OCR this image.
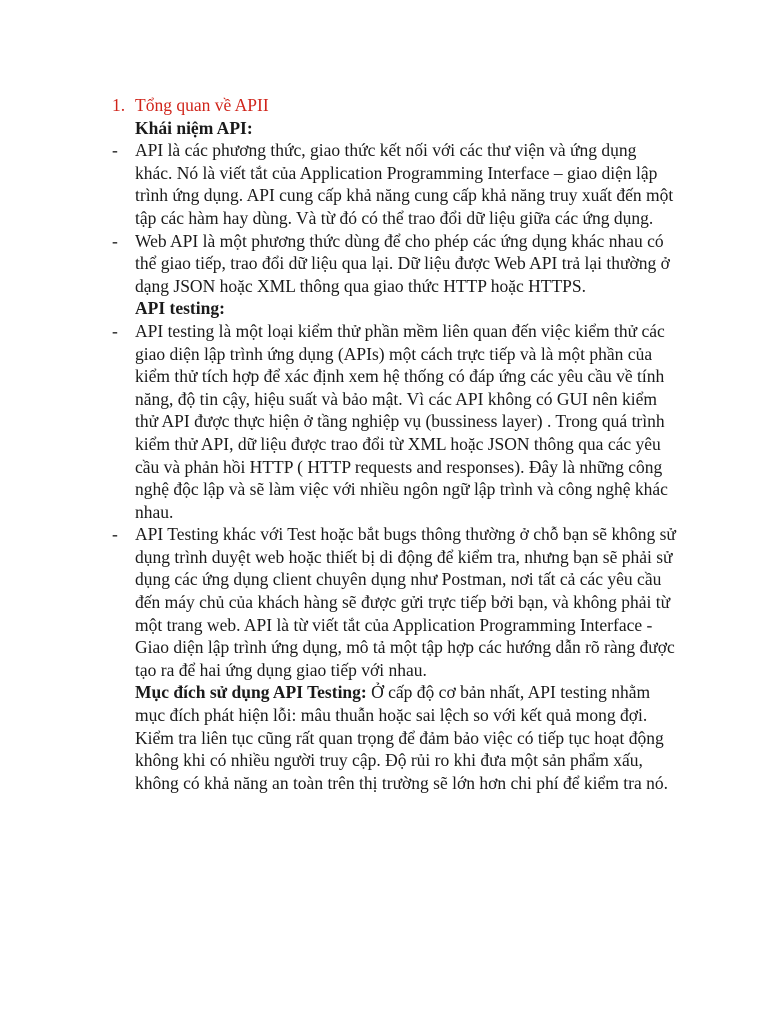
1. Tổng quan về APII
Khái niệm API:
- API là các phương thức, giao thức kết nối với các thư viện và ứng dụng khác. Nó là viết tắt của Application Programming Interface – giao diện lập trình ứng dụng. API cung cấp khả năng cung cấp khả năng truy xuất đến một tập các hàm hay dùng. Và từ đó có thể trao đổi dữ liệu giữa các ứng dụng.
- Web API là một phương thức dùng để cho phép các ứng dụng khác nhau có thể giao tiếp, trao đổi dữ liệu qua lại. Dữ liệu được Web API trả lại thường ở dạng JSON hoặc XML thông qua giao thức HTTP hoặc HTTPS.
API testing:
- API testing là một loại kiểm thử phần mềm liên quan đến việc kiểm thử các giao diện lập trình ứng dụng (APIs) một cách trực tiếp và là một phần của kiểm thử tích hợp để xác định xem hệ thống có đáp ứng các yêu cầu về tính năng, độ tin cậy, hiệu suất và bảo mật. Vì các API không có GUI nên kiểm thử API được thực hiện ở tầng nghiệp vụ (bussiness layer) . Trong quá trình kiểm thử API, dữ liệu được trao đổi từ XML hoặc JSON thông qua các yêu cầu và phản hồi HTTP ( HTTP requests and responses). Đây là những công nghệ độc lập và sẽ làm việc với nhiều ngôn ngữ lập trình và công nghệ khác nhau.
- API Testing khác với Test hoặc bắt bugs thông thường ở chỗ bạn sẽ không sử dụng trình duyệt web hoặc thiết bị di động để kiểm tra, nhưng bạn sẽ phải sử dụng các ứng dụng client chuyên dụng như Postman, nơi tất cả các yêu cầu đến máy chủ của khách hàng sẽ được gửi trực tiếp bởi bạn, và không phải từ một trang web. API là từ viết tắt của Application Programming Interface - Giao diện lập trình ứng dụng, mô tả một tập hợp các hướng dẫn rõ ràng được tạo ra để hai ứng dụng giao tiếp với nhau.
Mục đích sử dụng API Testing: Ở cấp độ cơ bản nhất, API testing nhằm mục đích phát hiện lỗi: mâu thuẫn hoặc sai lệch so với kết quả mong đợi. Kiểm tra liên tục cũng rất quan trọng để đảm bảo việc có tiếp tục hoạt động không khi có nhiều người truy cập. Độ rủi ro khi đưa một sản phẩm xấu, không có khả năng an toàn trên thị trường sẽ lớn hơn chi phí để kiểm tra nó.
